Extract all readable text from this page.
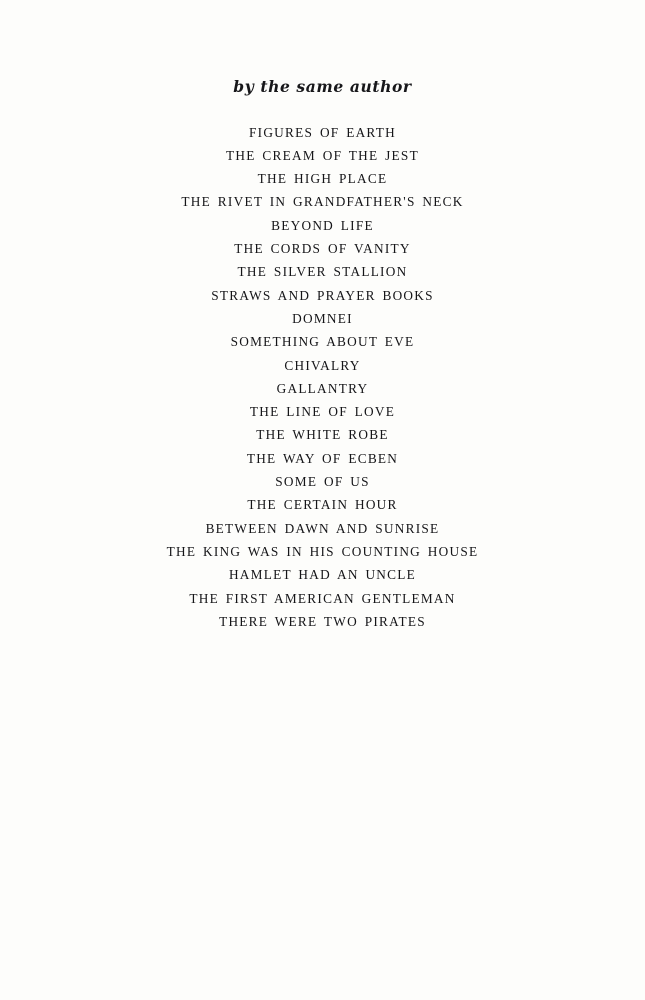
by the same author
FIGURES OF EARTH
THE CREAM OF THE JEST
THE HIGH PLACE
THE RIVET IN GRANDFATHER'S NECK
BEYOND LIFE
THE CORDS OF VANITY
THE SILVER STALLION
STRAWS AND PRAYER BOOKS
DOMNEI
SOMETHING ABOUT EVE
CHIVALRY
GALLANTRY
THE LINE OF LOVE
THE WHITE ROBE
THE WAY OF ECBEN
SOME OF US
THE CERTAIN HOUR
BETWEEN DAWN AND SUNRISE
THE KING WAS IN HIS COUNTING HOUSE
HAMLET HAD AN UNCLE
THE FIRST AMERICAN GENTLEMAN
THERE WERE TWO PIRATES
